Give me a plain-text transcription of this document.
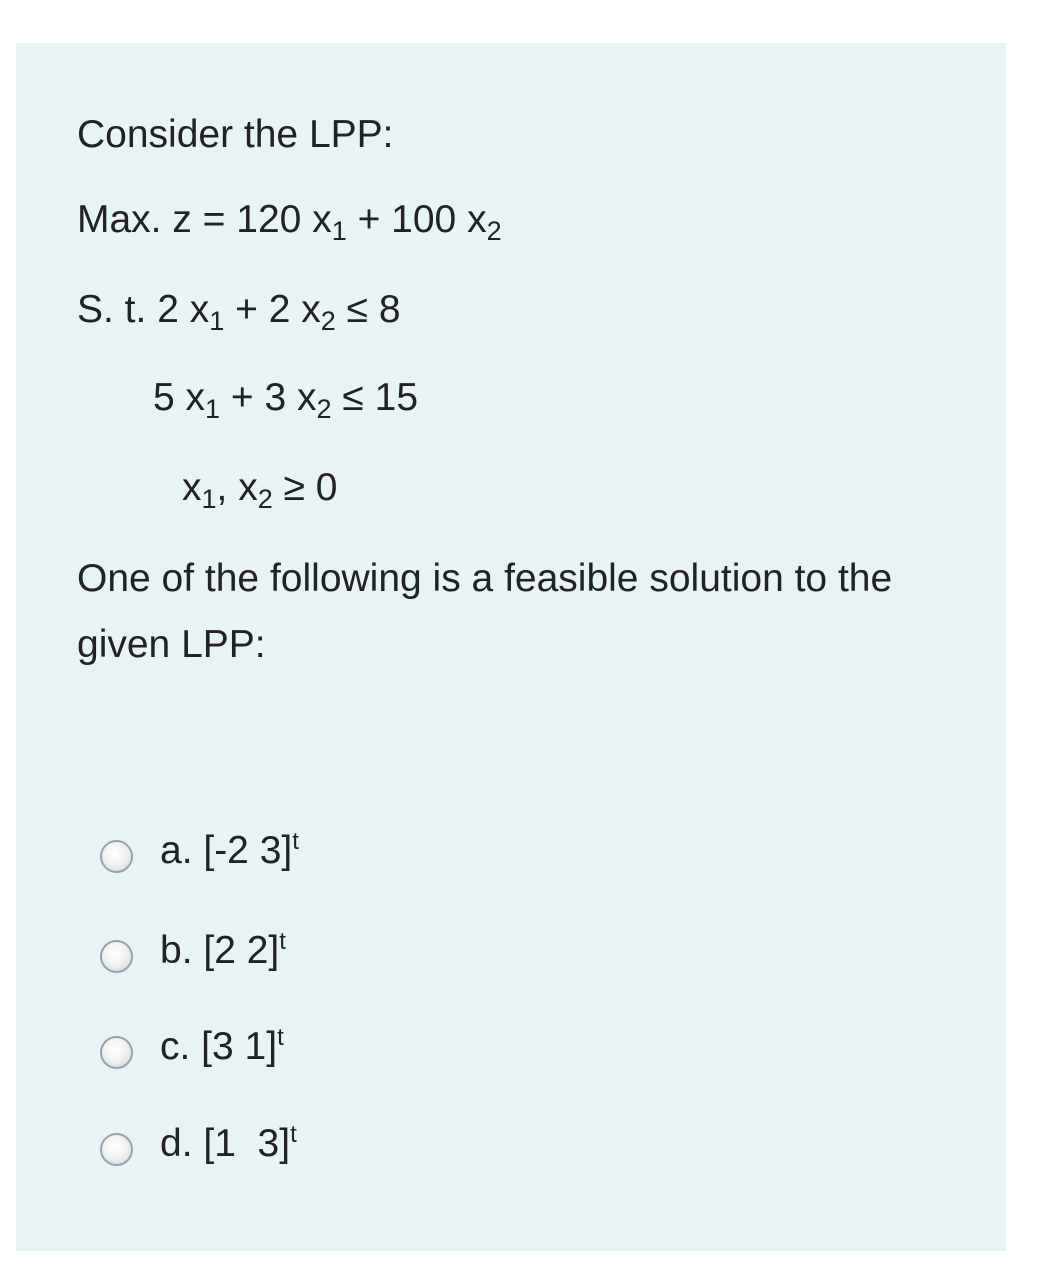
Consider the LPP:
Max. z = 120 $x_1 + 100$ $x_2$
S. t. 2 $x_1 + 2$ $x_2 \le 8$
5 $x_1 + 3$ $x_2 \le 15$
$x_1$, $x_2 \ge 0$
One of the following is a feasible solution to the given LPP:
a. [-2 3]$^t$
b. [2 2]$^t$
c. [3 1]$^t$
d. [1  3]$^t$
